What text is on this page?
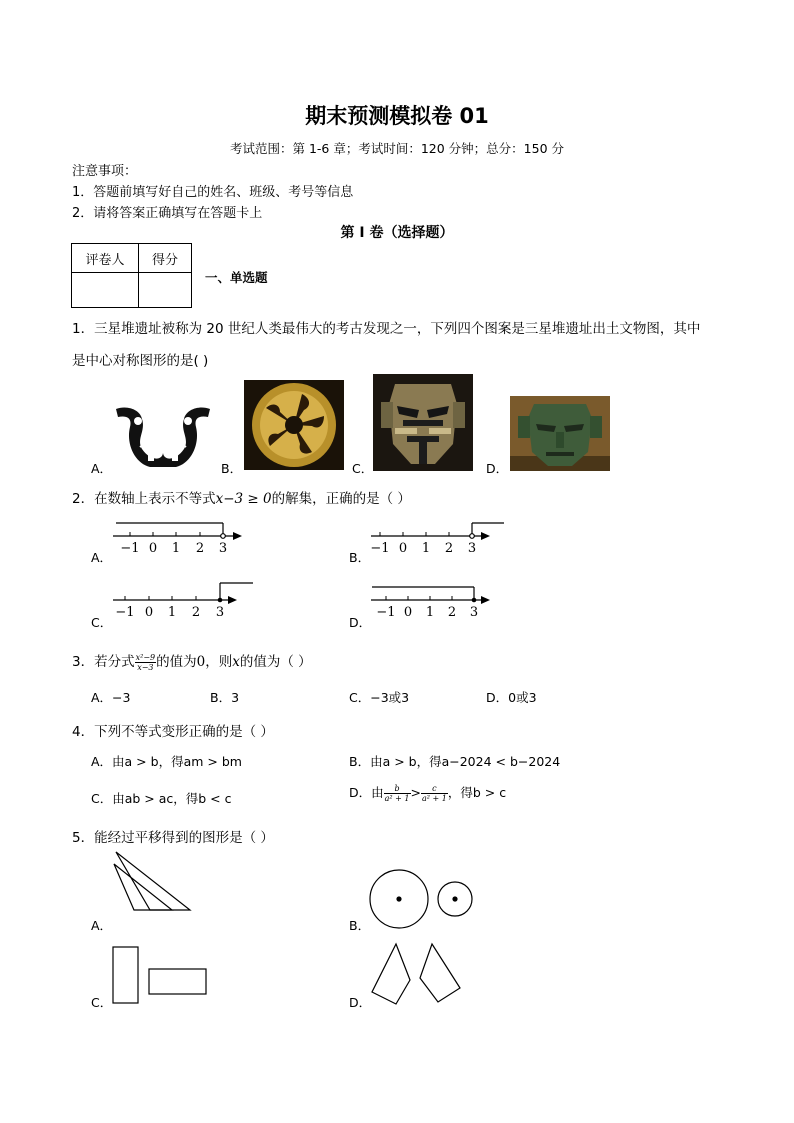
期末预测模拟卷 01
考试范围：第 1-6 章；考试时间：120 分钟；总分：150 分
注意事项：
1．答题前填写好自己的姓名、班级、考号等信息
2．请将答案正确填写在答题卡上
第 I 卷（选择题）
评卷人	得分

一、单选题
1．三星堆遗址被称为 20 世纪人类最伟大的考古发现之一，下列四个图案是三星堆遗址出土文物图，其中
是中心对称图形的是( )
A．	B．	C．	D．
2．在数轴上表示不等式x−3 ≥ 0的解集，正确的是（ ）
A．
−1 0 1 2 3
B．
−1 0 1 2 3
C．
−1 0 1 2 3
D．
−1 0 1 2 3
3．若分式 $\frac{\text{x²−9}}{x-3}$ 的值为0，则x的值为（ ）
A．−3	B．3	C．−3或3	D．0或3
4．下列不等式变形正确的是（ ）
A．由a > b，得am > bm	B．由a > b，得a−2024 < b−2024
C．由ab > ac，得b < c	D．由 $\frac{b}{\text{a² + 1}} > \frac{c}{\text{a² + 1}}$ ，得b > c
5．能经过平移得到的图形是（ ）
A．	B．
C．	D．
